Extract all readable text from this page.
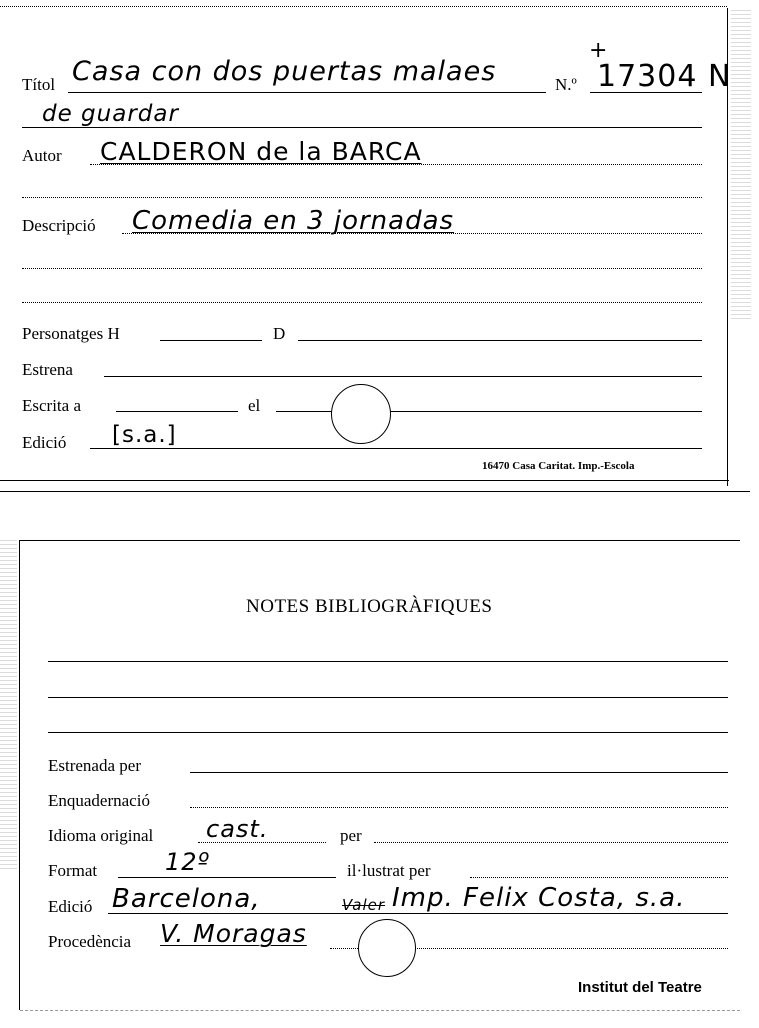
Títol Casa con dos puertas malaes	N.º 17304 N
+
de guardar
Autor CALDERON de la BARCA
Descripció Comedia en 3 jornadas
Personatges H	D
Estrena
Escrita a	el
Edició [s.a.]
16470 Casa Caritat. Imp.-Escola
NOTES BIBLIOGRÀFIQUES
Estrenada per
Enquadernació
Idioma original cast.	per
Format	12º	il·lustrat per
Edició Barcelona,	Valer Imp. Felix Costa, s.a.
Procedència V. Moragas
Institut del Teatre
